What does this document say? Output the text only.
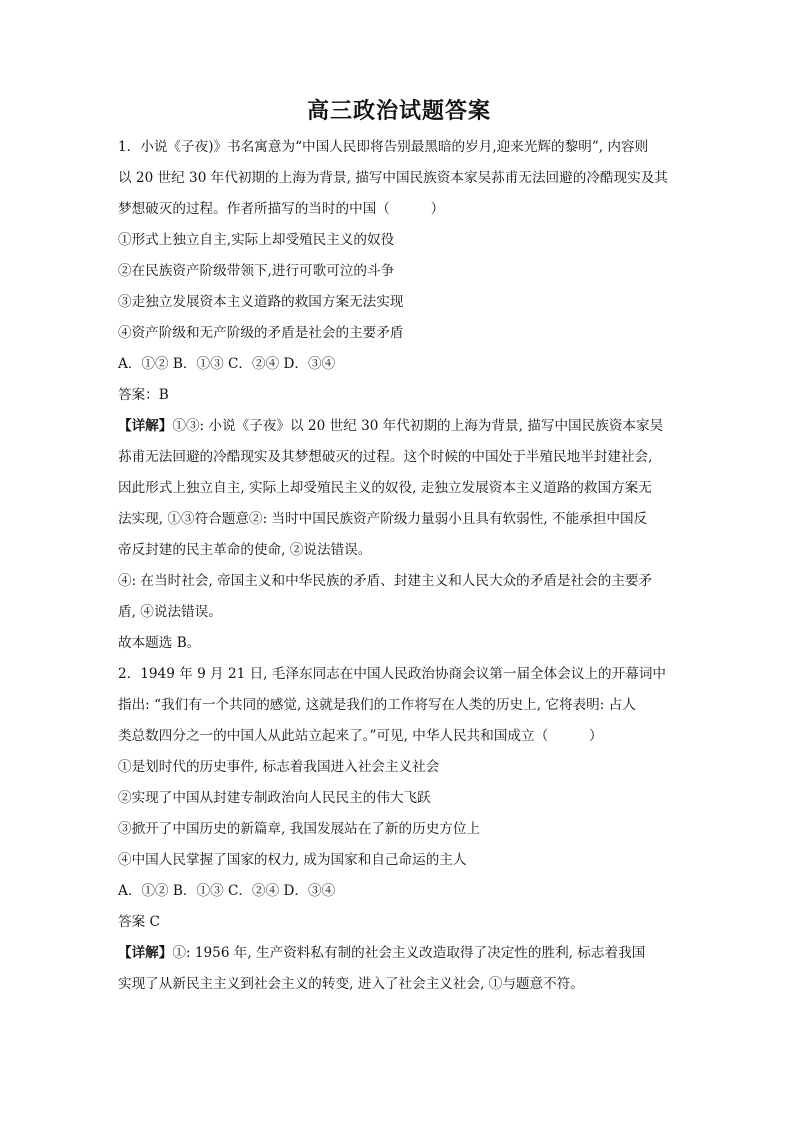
高三政治试题答案

1．小说《子夜)》书名寓意为“中国人民即将告别最黑暗的岁月,迎来光辉的黎明”, 内容则

以 20 世纪 30 年代初期的上海为背景, 描写中国民族资本家吴荪甫无法回避的冷酷现实及其

梦想破灭的过程。作者所描写的当时的中国（　　　）

①形式上独立自主,实际上却受殖民主义的奴役

②在民族资产阶级带领下,进行可歌可泣的斗争

③走独立发展资本主义道路的救国方案无法实现

④资产阶级和无产阶级的矛盾是社会的主要矛盾

A．①② B．①③ C．②④ D．③④

答案：B

【详解】①③: 小说《子夜》以 20 世纪 30 年代初期的上海为背景, 描写中国民族资本家吴

荪甫无法回避的冷酷现实及其梦想破灭的过程。这个时候的中国处于半殖民地半封建社会,

因此形式上独立自主, 实际上却受殖民主义的奴役, 走独立发展资本主义道路的救国方案无

法实现, ①③符合题意②: 当时中国民族资产阶级力量弱小且具有软弱性, 不能承担中国反

帝反封建的民主革命的使命, ②说法错误。

④: 在当时社会, 帝国主义和中华民族的矛盾、封建主义和人民大众的矛盾是社会的主要矛

盾, ④说法错误。

故本题选 B。

2．1949 年 9 月 21 日, 毛泽东同志在中国人民政治协商会议第一届全体会议上的开幕词中

指出: “我们有一个共同的感觉, 这就是我们的工作将写在人类的历史上, 它将表明: 占人

类总数四分之一的中国人从此站立起来了。”可见, 中华人民共和国成立（　　　）

①是划时代的历史事件, 标志着我国进入社会主义社会

②实现了中国从封建专制政治向人民民主的伟大飞跃

③掀开了中国历史的新篇章, 我国发展站在了新的历史方位上

④中国人民掌握了国家的权力, 成为国家和自己命运的主人

A．①② B．①③ C．②④ D．③④

答案 C

【详解】①: 1956 年, 生产资料私有制的社会主义改造取得了决定性的胜利, 标志着我国

实现了从新民主主义到社会主义的转变, 进入了社会主义社会, ①与题意不符。
